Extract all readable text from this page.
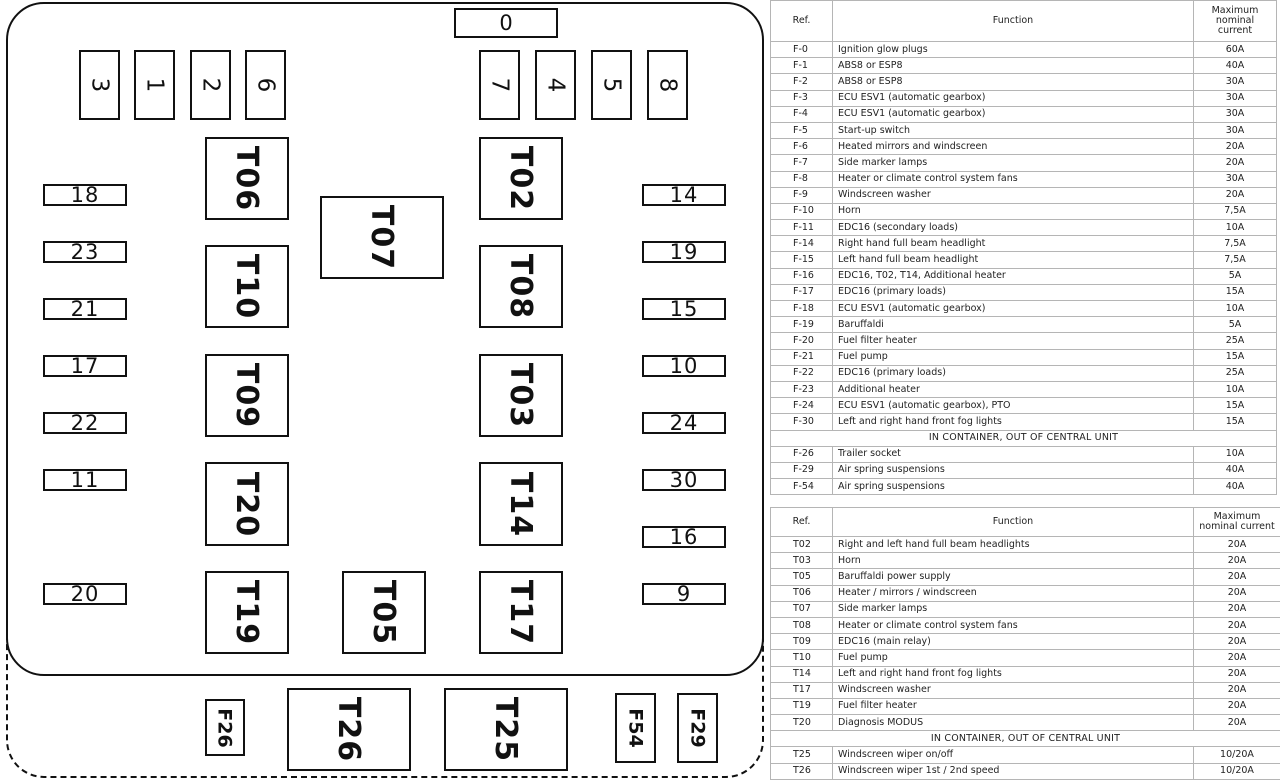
0
3 1 2 6	7 4 5 8
18
23
21
17
22
11
20
14
19
15
10
24
30
16
9
T06	T02
T07
T10	T08
T09	T03
T20	T14
T19	T05	T17
F26	T26	T25	F54 F29
Ref.	Function	Maximum nominal current
F-0	Ignition glow plugs	60A
F-1	ABS8 or ESP8	40A
F-2	ABS8 or ESP8	30A
F-3	ECU ESV1 (automatic gearbox)	30A
F-4	ECU ESV1 (automatic gearbox)	30A
F-5	Start-up switch	30A
F-6	Heated mirrors and windscreen	20A
F-7	Side marker lamps	20A
F-8	Heater or climate control system fans	30A
F-9	Windscreen washer	20A
F-10	Horn	7,5A
F-11	EDC16 (secondary loads)	10A
F-14	Right hand full beam headlight	7,5A
F-15	Left hand full beam headlight	7,5A
F-16	EDC16, T02, T14, Additional heater	5A
F-17	EDC16 (primary loads)	15A
F-18	ECU ESV1 (automatic gearbox)	10A
F-19	Baruffaldi	5A
F-20	Fuel filter heater	25A
F-21	Fuel pump	15A
F-22	EDC16 (primary loads)	25A
F-23	Additional heater	10A
F-24	ECU ESV1 (automatic gearbox), PTO	15A
F-30	Left and right hand front fog lights	15A
IN CONTAINER, OUT OF CENTRAL UNIT		
F-26	Trailer socket	10A
F-29	Air spring suspensions	40A
F-54	Air spring suspensions	40A
Ref.	Function	Maximum nominal current
T02	Right and left hand full beam headlights	20A
T03	Horn	20A
T05	Baruffaldi power supply	20A
T06	Heater / mirrors / windscreen	20A
T07	Side marker lamps	20A
T08	Heater or climate control system fans	20A
T09	EDC16 (main relay)	20A
T10	Fuel pump	20A
T14	Left and right hand front fog lights	20A
T17	Windscreen washer	20A
T19	Fuel filter heater	20A
T20	Diagnosis MODUS	20A
IN CONTAINER, OUT OF CENTRAL UNIT		
T25	Windscreen wiper on/off	10/20A
T26	Windscreen wiper 1st / 2nd speed	10/20A
